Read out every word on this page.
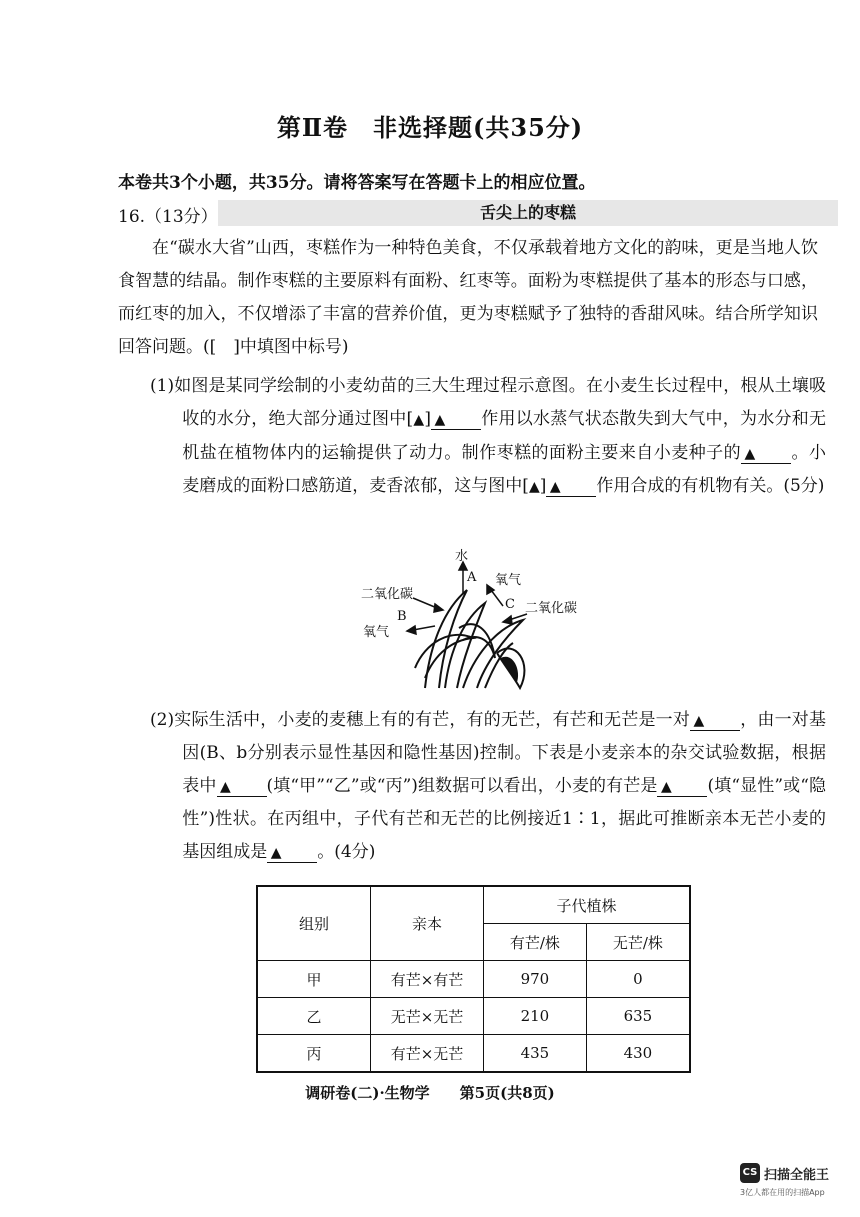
第Ⅱ卷　非选择题(共35分)
本卷共3个小题，共35分。请将答案写在答题卡上的相应位置。
16.（13分）	舌尖上的枣糕

在“碳水大省”山西，枣糕作为一种特色美食，不仅承载着地方文化的韵味，更是当地人饮食智慧的结晶。制作枣糕的主要原料有面粉、红枣等。面粉为枣糕提供了基本的形态与口感，而红枣的加入，不仅增添了丰富的营养价值，更为枣糕赋予了独特的香甜风味。结合所学知识回答问题。([　]中填图中标号)

(1)如图是某同学绘制的小麦幼苗的三大生理过程示意图。在小麦生长过程中，根从土壤吸收的水分，绝大部分通过图中[▲] ▲ 作用以水蒸气状态散失到大气中，为水分和无机盐在植物体内的运输提供了动力。制作枣糕的面粉主要来自小麦种子的 ▲ 。小麦磨成的面粉口感筋道，麦香浓郁，这与图中[▲] ▲ 作用合成的有机物有关。(5分)

水
A
二氧化碳
氧气
C 二氧化碳
B
氧气

(2)实际生活中，小麦的麦穗上有的有芒，有的无芒，有芒和无芒是一对 ▲ ，由一对基因(B、b分别表示显性基因和隐性基因)控制。下表是小麦亲本的杂交试验数据，根据表中 ▲ (填“甲”“乙”或“丙”)组数据可以看出，小麦的有芒是 ▲ (填“显性”或“隐性”)性状。在丙组中，子代有芒和无芒的比例接近1∶1，据此可推断亲本无芒小麦的基因组成是 ▲ 。(4分)

组别	亲本	子代植株	
		有芒/株	无芒/株
甲	有芒×有芒	970	0
乙	无芒×无芒	210	635
丙	有芒×无芒	435	430
调研卷(二)·生物学　　第5页(共8页)
CS 扫描全能王
3亿人都在用的扫描App
